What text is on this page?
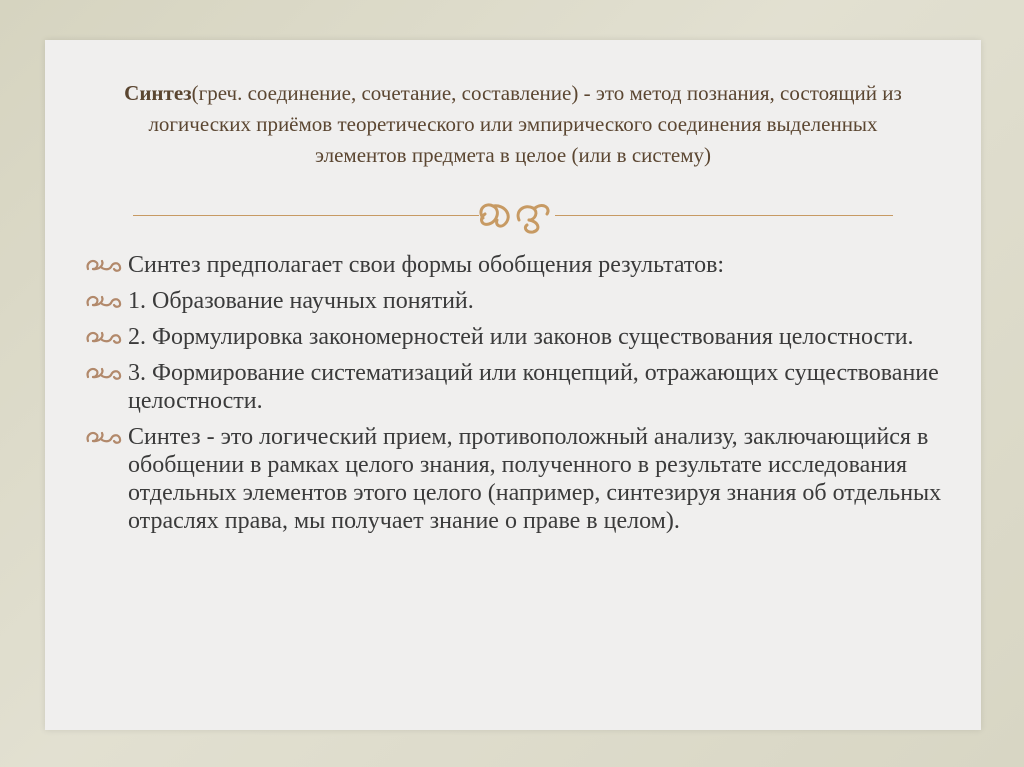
Синтез(греч. соединение, сочетание, составление) - это метод познания, состоящий из логических приёмов теоретического или эмпирического соединения выделенных элементов предмета в целое (или в систему)
Синтез предполагает свои формы обобщения результатов:
1. Образование научных понятий.
2. Формулировка закономерностей или законов существования целостности.
3. Формирование систематизаций или концепций, отражающих существование целостности.
Синтез - это логический прием, противоположный анализу, заключающийся в обобщении в рамках целого знания, полученного в результате исследования отдельных элементов этого целого (например, синтезируя знания об отдельных отраслях права, мы получает знание о праве в целом).
